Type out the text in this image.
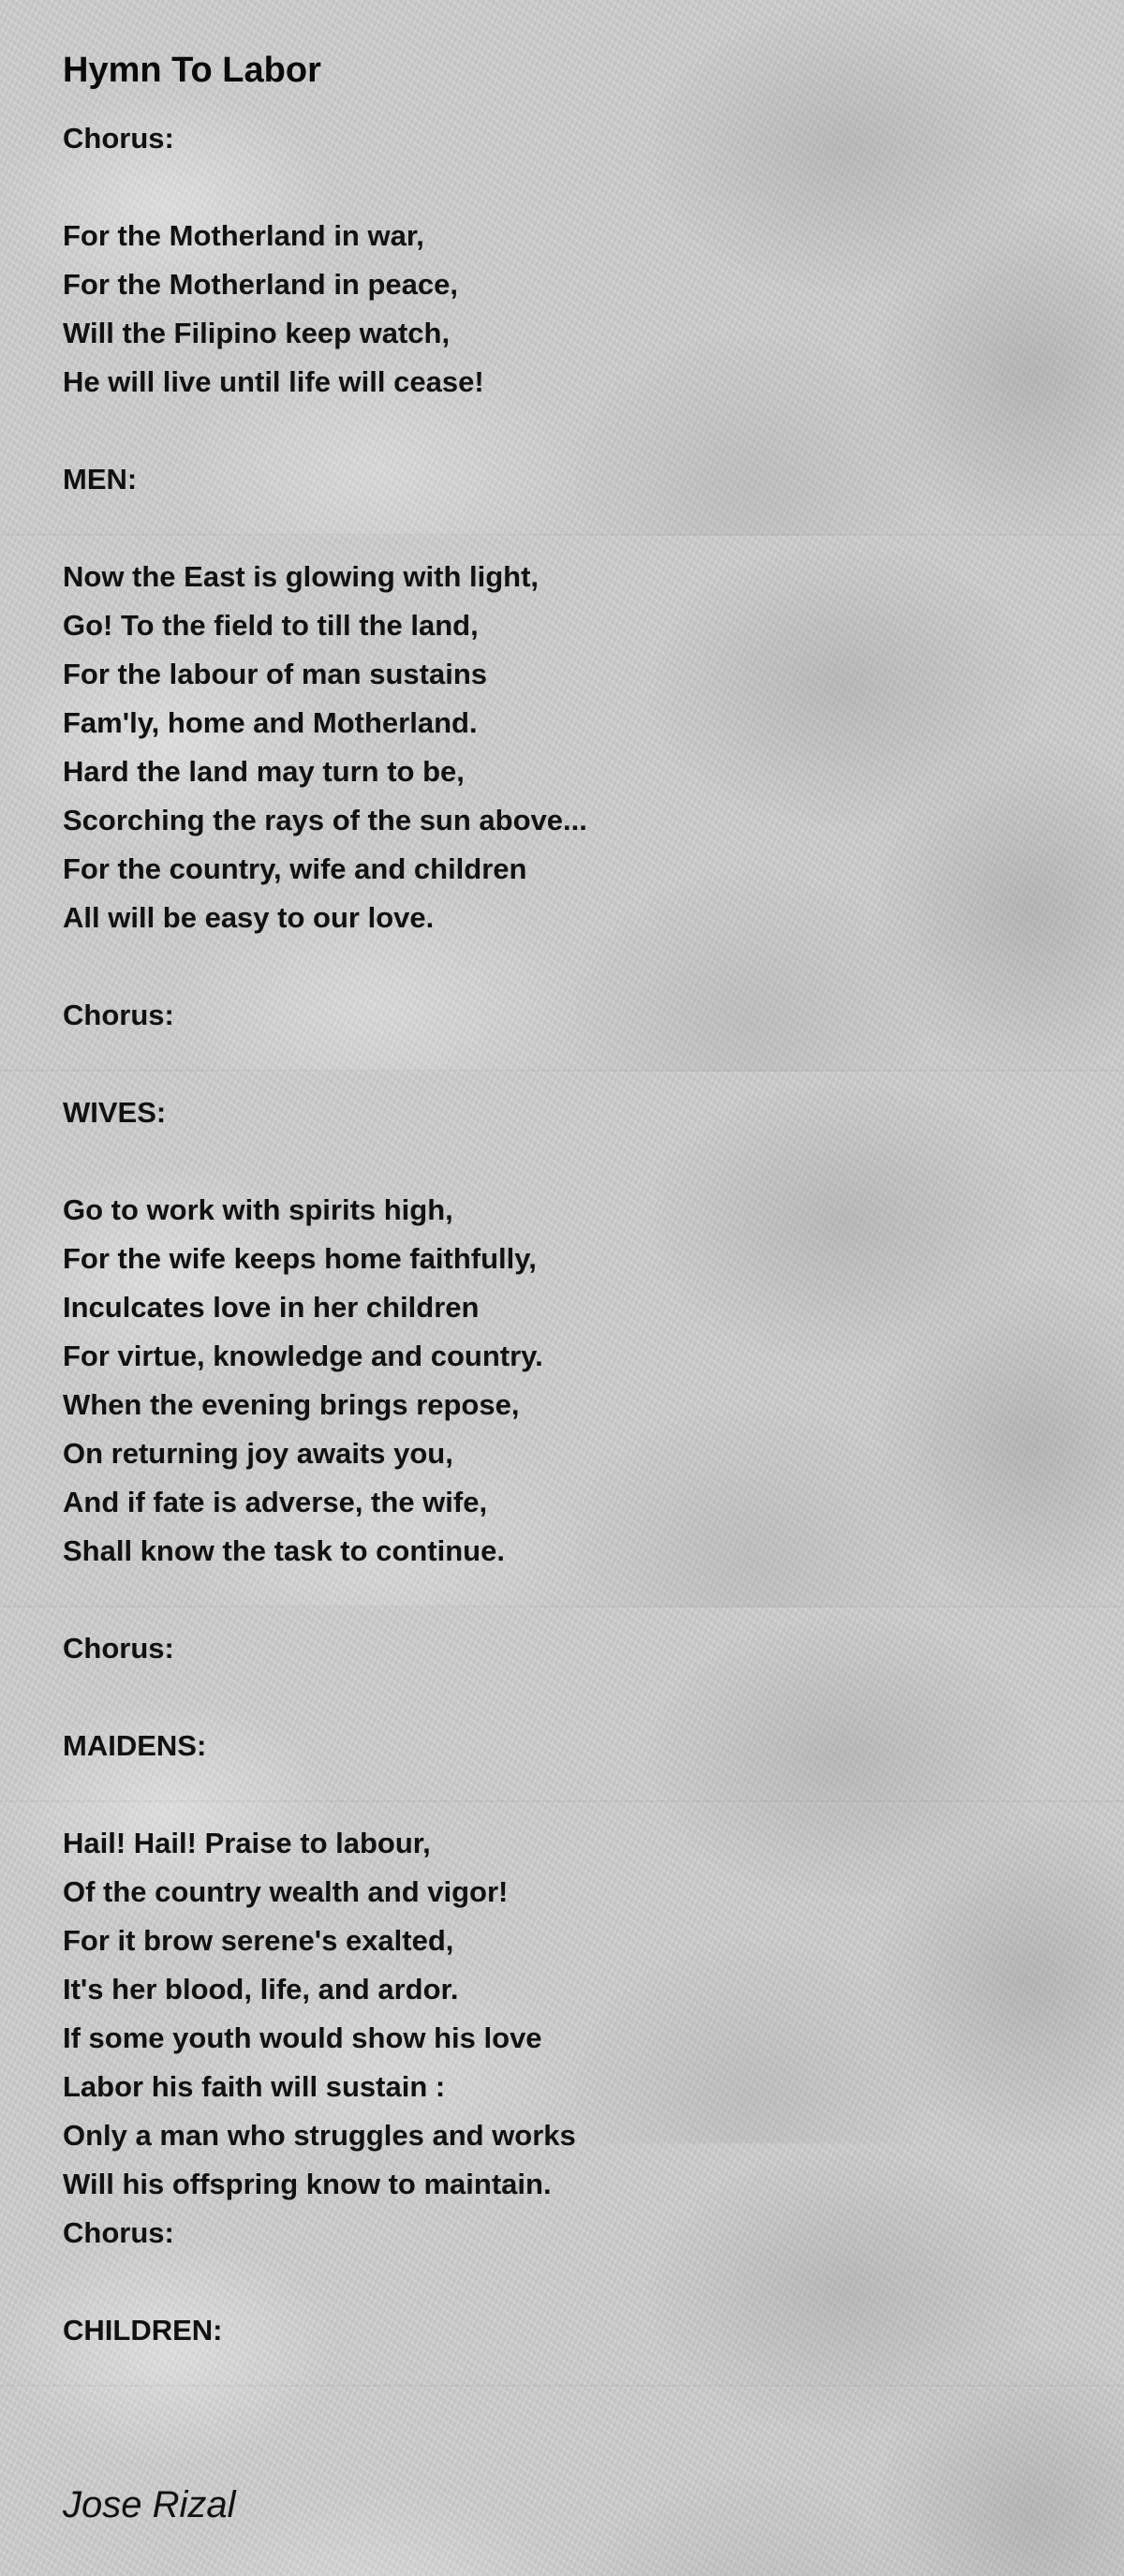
Hymn To Labor
Chorus:
For the Motherland in war,
For the Motherland in peace,
Will the Filipino keep watch,
He will live until life will cease!
MEN:
Now the East is glowing with light,
Go! To the field to till the land,
For the labour of man sustains
Fam'ly, home and Motherland.
Hard the land may turn to be,
Scorching the rays of the sun above...
For the country, wife and children
All will be easy to our love.
Chorus:
WIVES:
Go to work with spirits high,
For the wife keeps home faithfully,
Inculcates love in her children
For virtue, knowledge and country.
When the evening brings repose,
On returning joy awaits you,
And if fate is adverse, the wife,
Shall know the task to continue.
Chorus:
MAIDENS:
Hail! Hail! Praise to labour,
Of the country wealth and vigor!
For it brow serene's exalted,
It's her blood, life, and ardor.
If some youth would show his love
Labor his faith will sustain :
Only a man who struggles and works
Will his offspring know to maintain.
Chorus:
CHILDREN:
Jose Rizal
